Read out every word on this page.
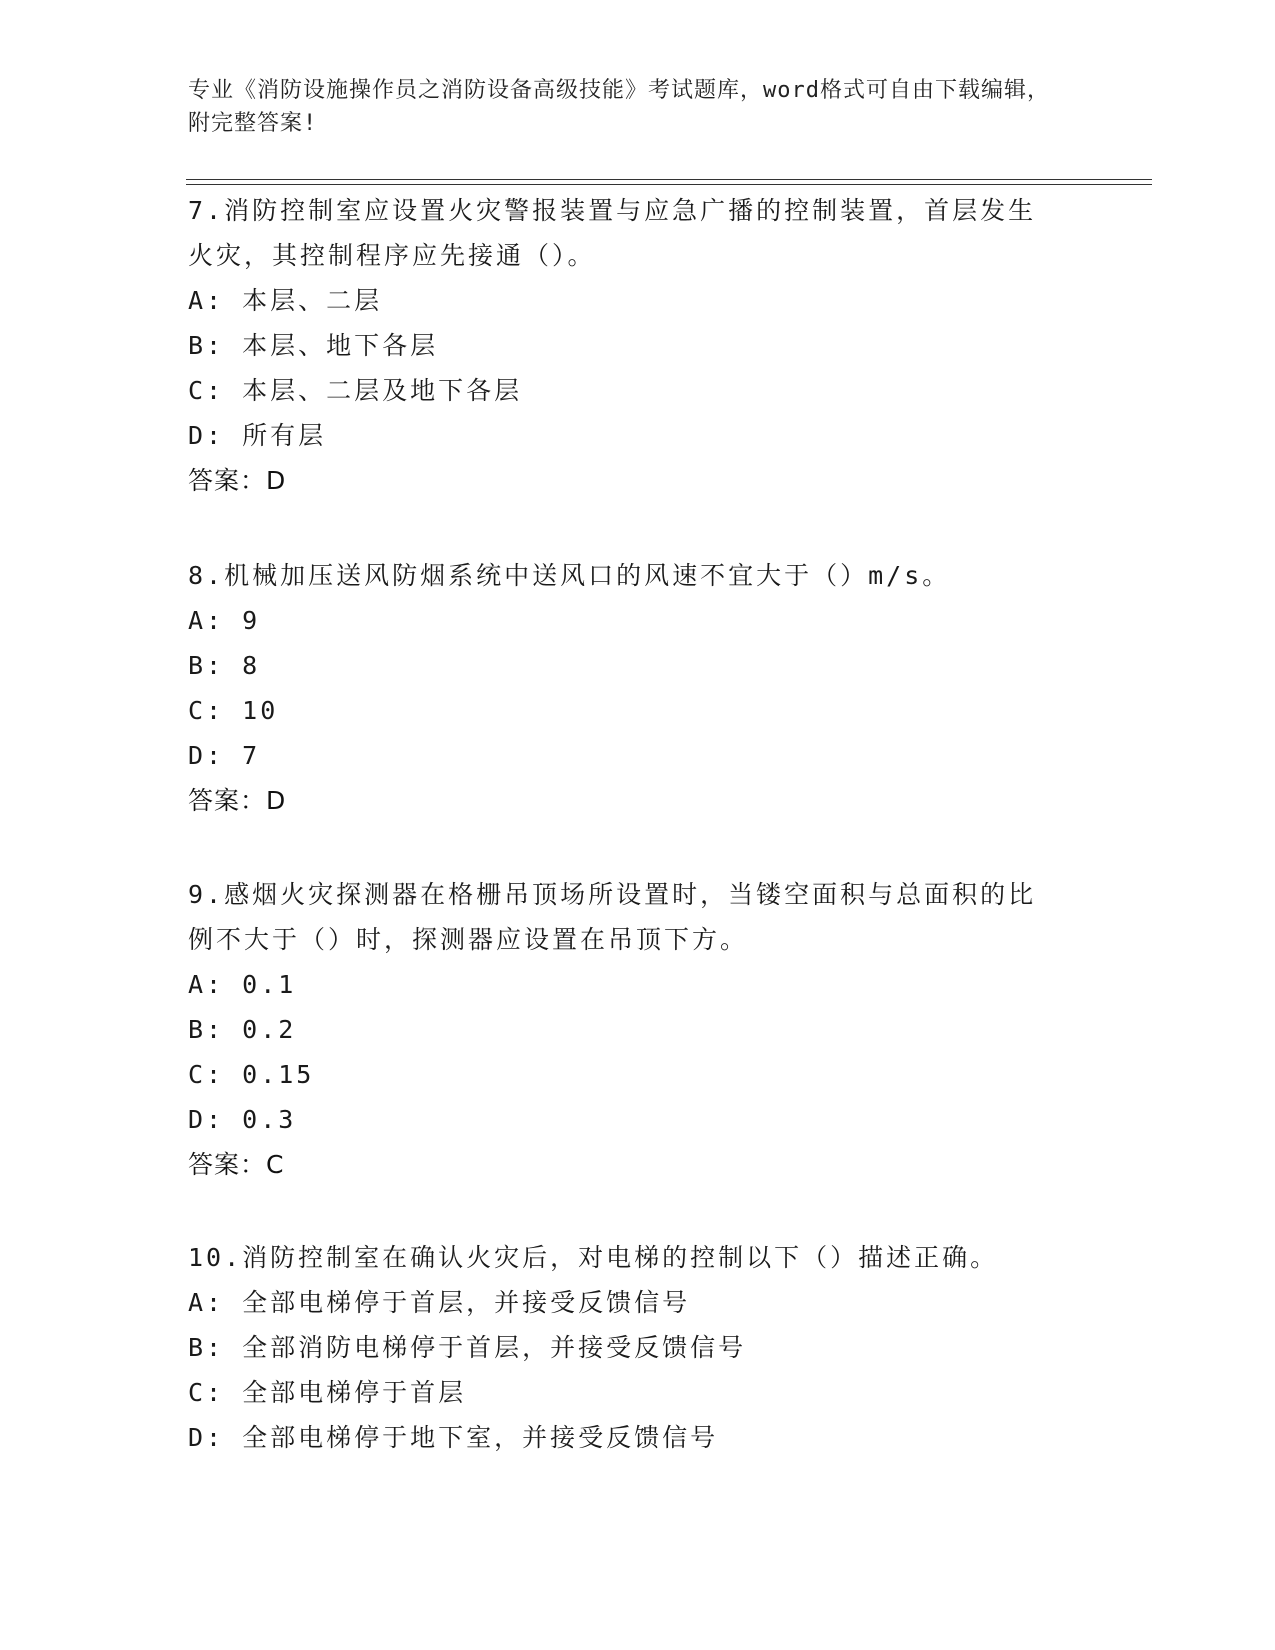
专业《消防设施操作员之消防设备高级技能》考试题库，word格式可自由下载编辑，附完整答案!

7.消防控制室应设置火灾警报装置与应急广播的控制装置，首层发生

火灾，其控制程序应先接通（）。

A: 本层、二层

B: 本层、地下各层

C: 本层、二层及地下各层

D: 所有层

答案：D

8.机械加压送风防烟系统中送风口的风速不宜大于（）m/s。

A: 9

B: 8

C: 10

D: 7

答案：D

9.感烟火灾探测器在格栅吊顶场所设置时，当镂空面积与总面积的比

例不大于（）时，探测器应设置在吊顶下方。

A: 0.1

B: 0.2

C: 0.15

D: 0.3

答案：C

10.消防控制室在确认火灾后，对电梯的控制以下（）描述正确。

A: 全部电梯停于首层，并接受反馈信号

B: 全部消防电梯停于首层，并接受反馈信号

C: 全部电梯停于首层

D: 全部电梯停于地下室，并接受反馈信号
